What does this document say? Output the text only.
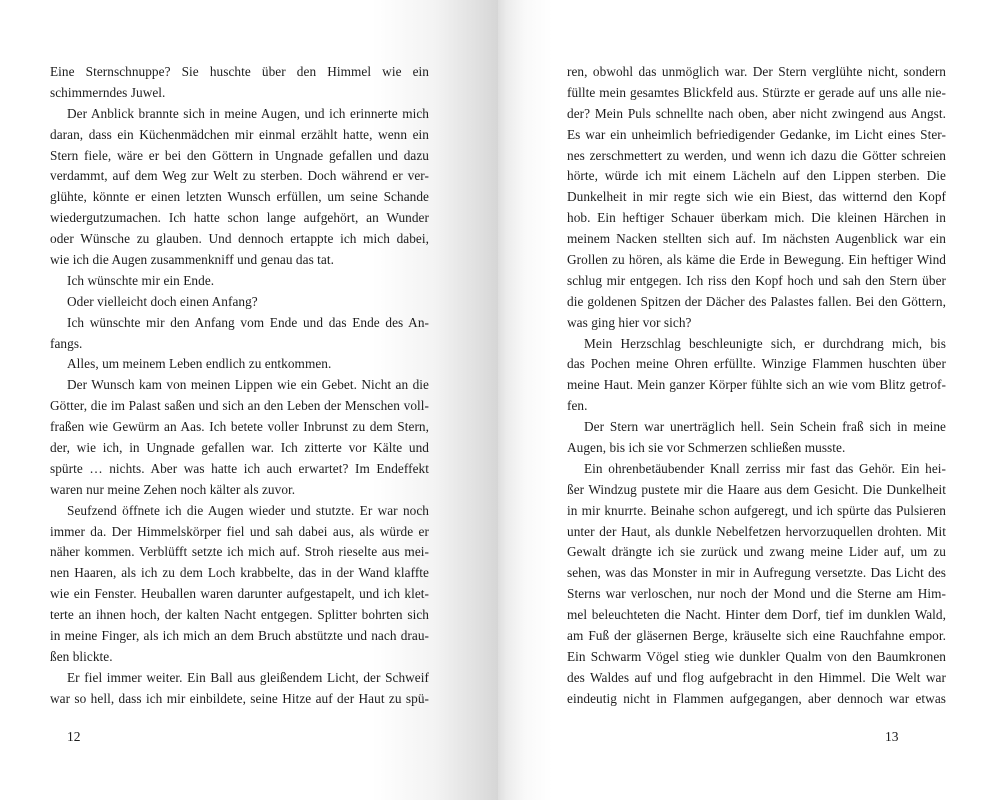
Eine Sternschnuppe? Sie huschte über den Himmel wie ein
schimmerndes Juwel.
Der Anblick brannte sich in meine Augen, und ich erinnerte mich
daran, dass ein Küchenmädchen mir einmal erzählt hatte, wenn ein
Stern fiele, wäre er bei den Göttern in Ungnade gefallen und dazu
verdammt, auf dem Weg zur Welt zu sterben. Doch während er ver-
glühte, könnte er einen letzten Wunsch erfüllen, um seine Schande
wiedergutzumachen. Ich hatte schon lange aufgehört, an Wunder
oder Wünsche zu glauben. Und dennoch ertappte ich mich dabei,
wie ich die Augen zusammenkniff und genau das tat.
Ich wünschte mir ein Ende.
Oder vielleicht doch einen Anfang?
Ich wünschte mir den Anfang vom Ende und das Ende des An-
fangs.
Alles, um meinem Leben endlich zu entkommen.
Der Wunsch kam von meinen Lippen wie ein Gebet. Nicht an die
Götter, die im Palast saßen und sich an den Leben der Menschen voll-
fraßen wie Gewürm an Aas. Ich betete voller Inbrunst zu dem Stern,
der, wie ich, in Ungnade gefallen war. Ich zitterte vor Kälte und
spürte … nichts. Aber was hatte ich auch erwartet? Im Endeffekt
waren nur meine Zehen noch kälter als zuvor.
Seufzend öffnete ich die Augen wieder und stutzte. Er war noch
immer da. Der Himmelskörper fiel und sah dabei aus, als würde er
näher kommen. Verblüfft setzte ich mich auf. Stroh rieselte aus mei-
nen Haaren, als ich zu dem Loch krabbelte, das in der Wand klaffte
wie ein Fenster. Heuballen waren darunter aufgestapelt, und ich klet-
terte an ihnen hoch, der kalten Nacht entgegen. Splitter bohrten sich
in meine Finger, als ich mich an dem Bruch abstützte und nach drau-
ßen blickte.
Er fiel immer weiter. Ein Ball aus gleißendem Licht, der Schweif
war so hell, dass ich mir einbildete, seine Hitze auf der Haut zu spü-
12
ren, obwohl das unmöglich war. Der Stern verglühte nicht, sondern
füllte mein gesamtes Blickfeld aus. Stürzte er gerade auf uns alle nie-
der? Mein Puls schnellte nach oben, aber nicht zwingend aus Angst.
Es war ein unheimlich befriedigender Gedanke, im Licht eines Ster-
nes zerschmettert zu werden, und wenn ich dazu die Götter schreien
hörte, würde ich mit einem Lächeln auf den Lippen sterben. Die
Dunkelheit in mir regte sich wie ein Biest, das witternd den Kopf
hob. Ein heftiger Schauer überkam mich. Die kleinen Härchen in
meinem Nacken stellten sich auf. Im nächsten Augenblick war ein
Grollen zu hören, als käme die Erde in Bewegung. Ein heftiger Wind
schlug mir entgegen. Ich riss den Kopf hoch und sah den Stern über
die goldenen Spitzen der Dächer des Palastes fallen. Bei den Göttern,
was ging hier vor sich?
Mein Herzschlag beschleunigte sich, er durchdrang mich, bis
das Pochen meine Ohren erfüllte. Winzige Flammen huschten über
meine Haut. Mein ganzer Körper fühlte sich an wie vom Blitz getrof-
fen.
Der Stern war unerträglich hell. Sein Schein fraß sich in meine
Augen, bis ich sie vor Schmerzen schließen musste.
Ein ohrenbetäubender Knall zerriss mir fast das Gehör. Ein hei-
ßer Windzug pustete mir die Haare aus dem Gesicht. Die Dunkelheit
in mir knurrte. Beinahe schon aufgeregt, und ich spürte das Pulsieren
unter der Haut, als dunkle Nebelfetzen hervorzuquellen drohten. Mit
Gewalt drängte ich sie zurück und zwang meine Lider auf, um zu
sehen, was das Monster in mir in Aufregung versetzte. Das Licht des
Sterns war verloschen, nur noch der Mond und die Sterne am Him-
mel beleuchteten die Nacht. Hinter dem Dorf, tief im dunklen Wald,
am Fuß der gläsernen Berge, kräuselte sich eine Rauchfahne empor.
Ein Schwarm Vögel stieg wie dunkler Qualm von den Baumkronen
des Waldes auf und flog aufgebracht in den Himmel. Die Welt war
eindeutig nicht in Flammen aufgegangen, aber dennoch war etwas
13
